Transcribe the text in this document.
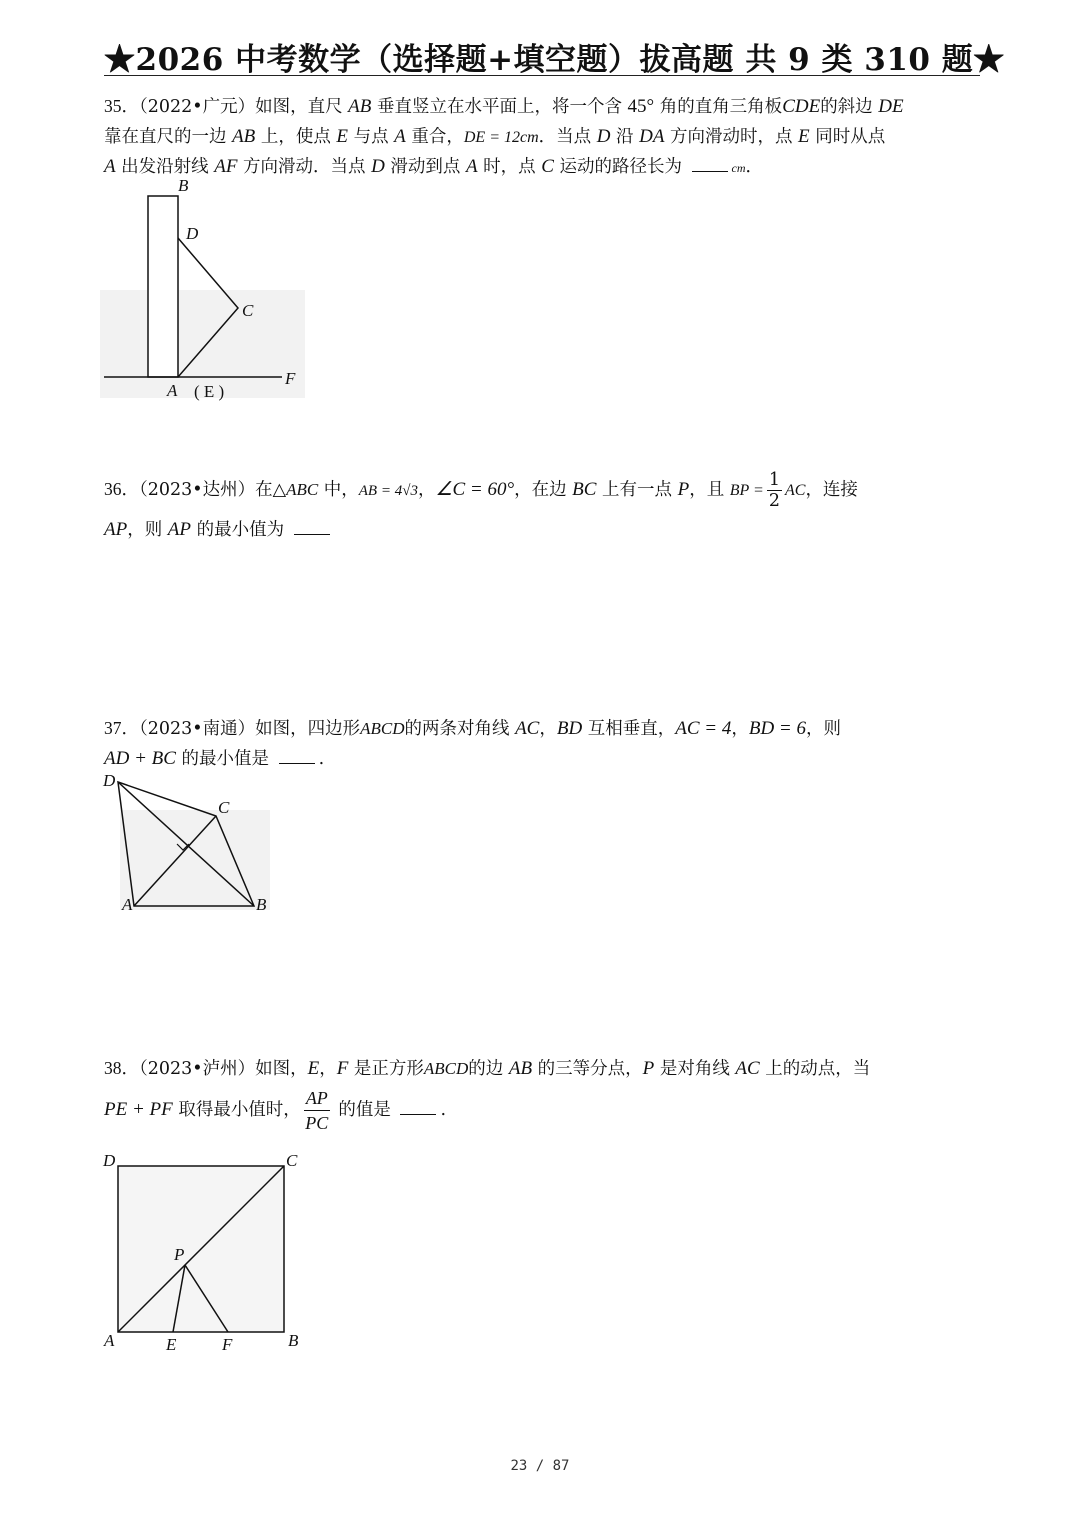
★2026 中考数学（选择题+填空题）拔高题 共 9 类 310 题★
35．（2022•广元）如图，直尺 AB 垂直竖立在水平面上，将一个含 45° 角的直角三角板CDE的斜边 DE
靠在直尺的一边 AB 上，使点 E 与点 A 重合，DE = 12cm．当点 D 沿 DA 方向滑动时，点 E 同时从点
A 出发沿射线 AF 方向滑动．当点 D 滑动到点 A 时，点 C 运动的路径长为	cm．
B
D
C
A ( E )
F
36．（2023•达州）在△ABC 中，AB = 4√3，∠C = 60°，在边 BC 上有一点 P，且 BP = $\frac{1}{2}$ AC，连接
AP，则 AP 的最小值为
37．（2023•南通）如图，四边形ABCD的两条对角线 AC，BD 互相垂直，AC = 4，BD = 6，则
AD + BC 的最小值是	.
D
C
A	B
38．（2023•泸州）如图，E，F 是正方形ABCD的边 AB 的三等分点，P 是对角线 AC 上的动点，当
PE + PF 取得最小值时， $\frac{AP}{PC}$ 的值是	.
D	C
P
A	E	F	B
23 / 87
